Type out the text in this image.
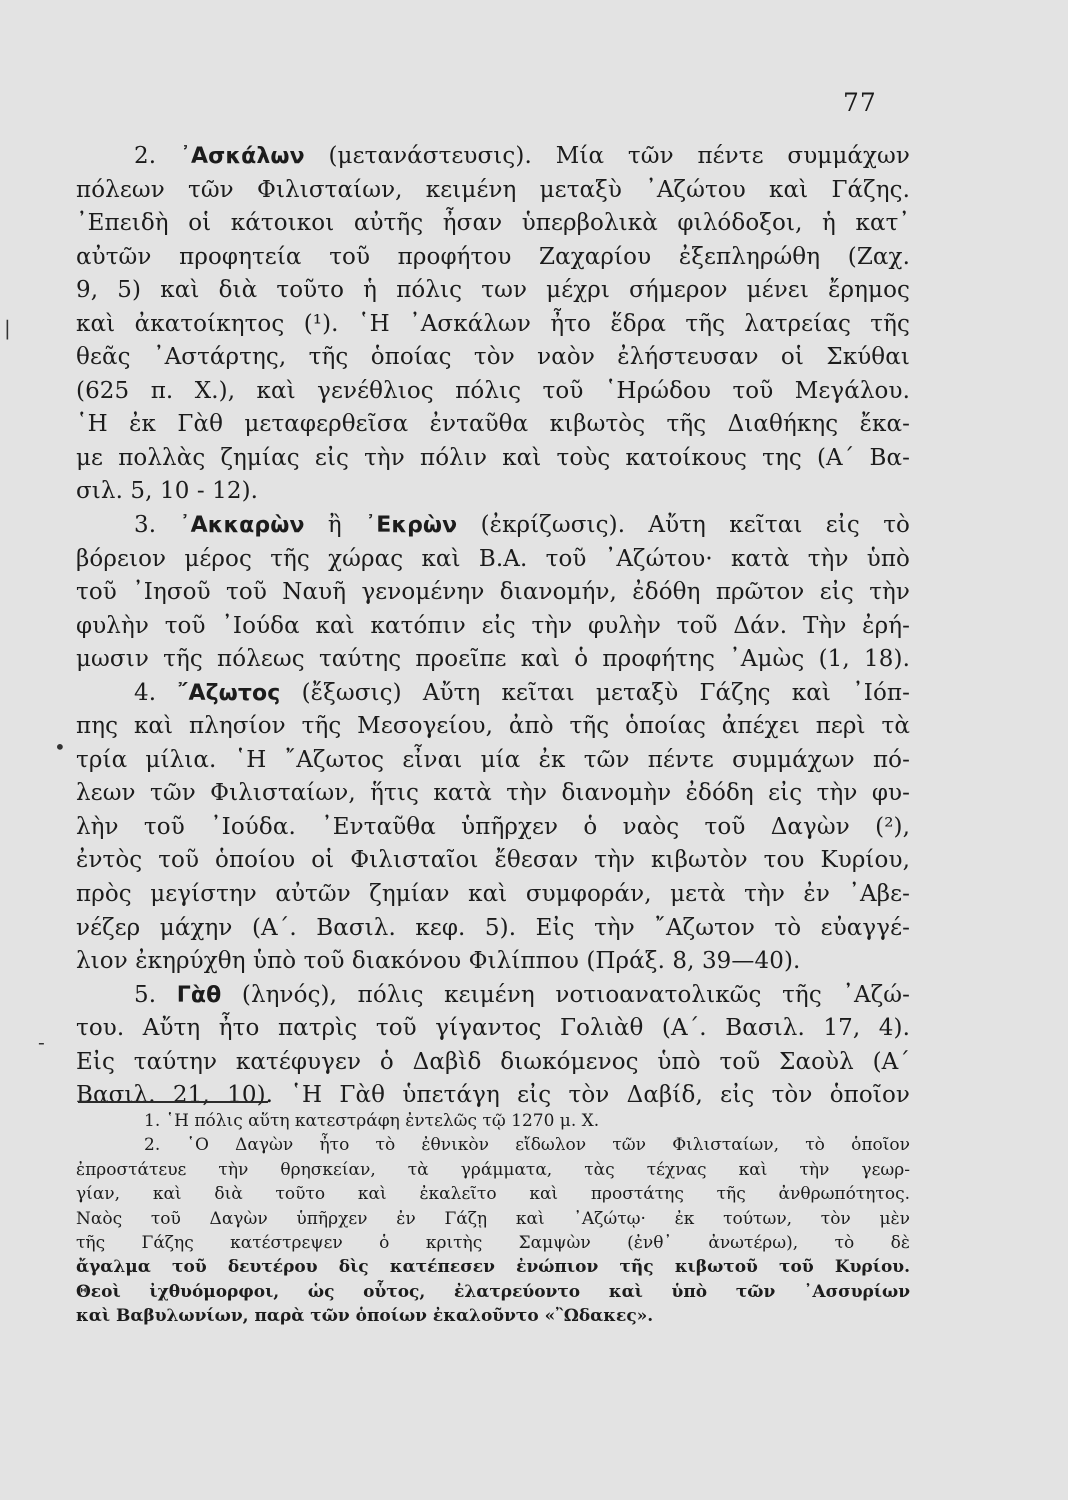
77
2. ᾿Ασκάλων (μετανάστευσις). Μία τῶν πέντε συμμάχων
πόλεων τῶν Φιλισταίων, κειμένη μεταξὺ ᾿Αζώτου καὶ Γάζης.
᾿Επειδὴ οἱ κάτοικοι αὐτῆς ἦσαν ὑπερβολικὰ φιλόδοξοι, ἡ κατ᾿
αὐτῶν προφητεία τοῦ προφήτου Ζαχαρίου ἐξεπληρώθη (Ζαχ.
9, 5) καὶ διὰ τοῦτο ἡ πόλις των μέχρι σήμερον μένει ἔρημος
καὶ ἀκατοίκητος (¹). ῾Η ᾿Ασκάλων ἦτο ἕδρα τῆς λατρείας τῆς
θεᾶς ᾿Αστάρτης, τῆς ὁποίας τὸν ναὸν ἐλήστευσαν οἱ Σκύθαι
(625 π. Χ.), καὶ γενέθλιος πόλις τοῦ ῾Ηρώδου τοῦ Μεγάλου.
῾Η ἐκ Γὰθ μεταφερθεῖσα ἐνταῦθα κιβωτὸς τῆς Διαθήκης ἔκα-
με πολλὰς ζημίας εἰς τὴν πόλιν καὶ τοὺς κατοίκους της (Α΄ Βα-
σιλ. 5, 10 - 12).
3. ᾿Ακκαρὼν ἢ ᾿Εκρὼν (ἐκρίζωσις). Αὔτη κεῖται εἰς τὸ
βόρειον μέρος τῆς χώρας καὶ Β.Α. τοῦ ᾿Αζώτου· κατὰ τὴν ὑπὸ
τοῦ ᾿Ιησοῦ τοῦ Ναυῆ γενομένην διανομήν, ἐδόθη πρῶτον εἰς τὴν
φυλὴν τοῦ ᾿Ιούδα καὶ κατόπιν εἰς τὴν φυλὴν τοῦ Δάν. Τὴν ἐρή-
μωσιν τῆς πόλεως ταύτης προεῖπε καὶ ὁ προφήτης ᾿Αμὼς (1, 18).
4. ῎Αζωτος (ἔξωσις) Αὔτη κεῖται μεταξὺ Γάζης καὶ ᾿Ιόπ-
πης καὶ πλησίον τῆς Μεσογείου, ἀπὸ τῆς ὁποίας ἀπέχει περὶ τὰ
τρία μίλια. ῾Η ῎Αζωτος εἶναι μία ἐκ τῶν πέντε συμμάχων πό-
λεων τῶν Φιλισταίων, ἥτις κατὰ τὴν διανομὴν ἐδόδη εἰς τὴν φυ-
λὴν τοῦ ᾿Ιούδα. ᾿Ενταῦθα ὑπῆρχεν ὁ ναὸς τοῦ Δαγὼν (²),
ἐντὸς τοῦ ὁποίου οἱ Φιλισταῖοι ἔθεσαν τὴν κιβωτὸν του Κυρίου,
πρὸς μεγίστην αὐτῶν ζημίαν καὶ συμφοράν, μετὰ τὴν ἐν ᾿Αβε-
νέζερ μάχην (Α΄. Βασιλ. κεφ. 5). Εἰς τὴν ῎Αζωτον τὸ εὐαγγέ-
λιον ἐκηρύχθη ὑπὸ τοῦ διακόνου Φιλίππου (Πράξ. 8, 39—40).
5. Γὰθ (ληνός), πόλις κειμένη νοτιοανατολικῶς τῆς ᾿Αζώ-
του. Αὔτη ἦτο πατρὶς τοῦ γίγαντος Γολιὰθ (Α΄. Βασιλ. 17, 4).
Εἰς ταύτην κατέφυγεν ὁ Δαβὶδ διωκόμενος ὑπὸ τοῦ Σαοὺλ (Α΄
Βασιλ. 21, 10). ῾Η Γὰθ ὑπετάγη εἰς τὸν Δαβίδ, εἰς τὸν ὁποῖον
1. ῾Η πόλις αὕτη κατεστράφη ἐντελῶς τῷ 1270 μ. Χ.
2. ῾Ο Δαγὼν ἦτο τὸ ἐθνικὸν εἴδωλον τῶν Φιλισταίων, τὸ ὁποῖον
ἐπροστάτευε τὴν θρησκείαν, τὰ γράμματα, τὰς τέχνας καὶ τὴν γεωρ-
γίαν, καὶ διὰ τοῦτο καὶ ἐκαλεῖτο καὶ προστάτης τῆς ἀνθρωπότητος.
Ναὸς τοῦ Δαγὼν ὑπῆρχεν ἐν Γάζῃ καὶ ᾿Αζώτῳ· ἐκ τούτων, τὸν μὲν
τῆς Γάζης κατέστρεψεν ὁ κριτὴς Σαμψὼν (ἐνθ᾿ ἀνωτέρω), τὸ δὲ
ἄγαλμα τοῦ δευτέρου δὶς κατέπεσεν ἐνώπιον τῆς κιβωτοῦ τοῦ Κυρίου.
Θεοὶ ἰχθυόμορφοι, ὡς οὗτος, ἐλατρεύοντο καὶ ὑπὸ τῶν ᾿Ασσυρίων
καὶ Βαβυλωνίων, παρὰ τῶν ὁποίων ἐκαλοῦντο «῍Ωδακες».
|
•
-
